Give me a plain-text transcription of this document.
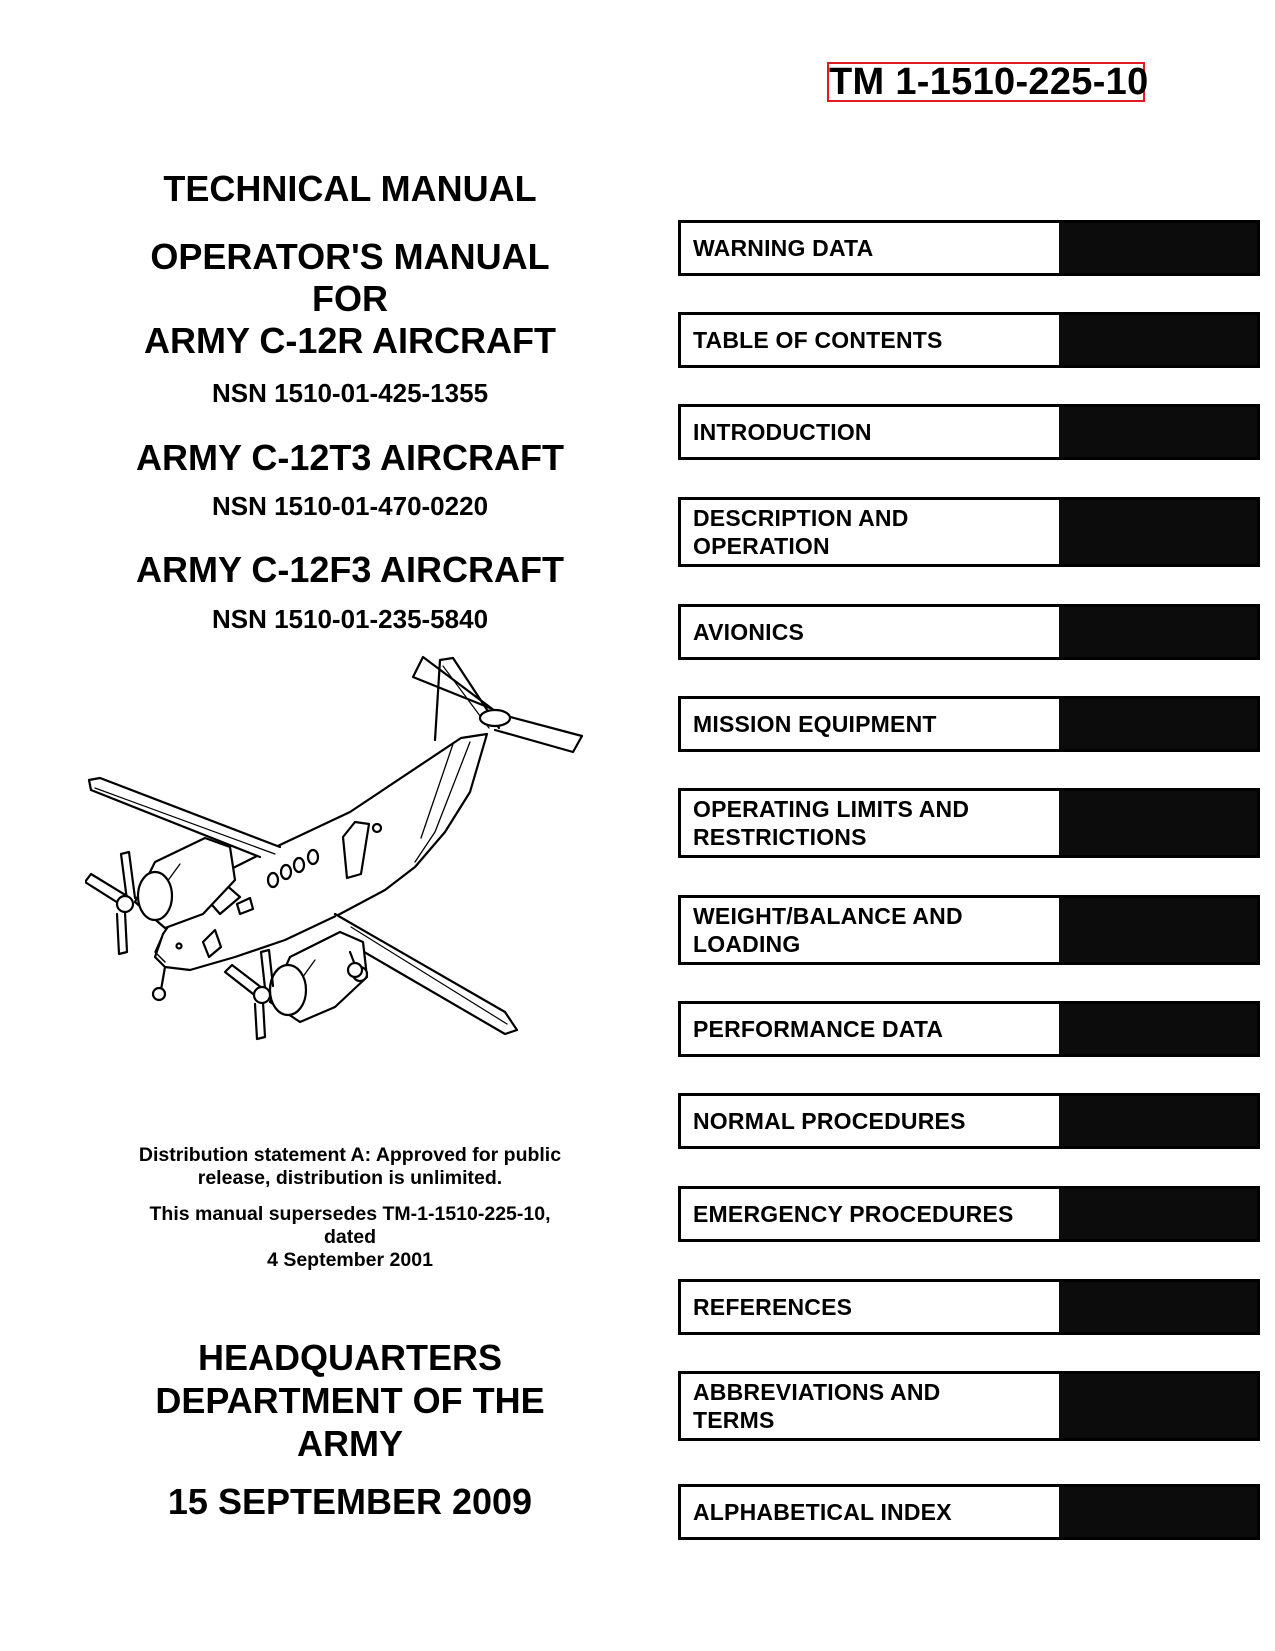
TM 1-1510-225-10
TECHNICAL MANUAL
OPERATOR'S MANUAL
FOR
ARMY C-12R AIRCRAFT
NSN 1510-01-425-1355
ARMY C-12T3 AIRCRAFT
NSN 1510-01-470-0220
ARMY C-12F3 AIRCRAFT
NSN 1510-01-235-5840
Distribution statement A: Approved for public
release, distribution is unlimited.
This manual supersedes TM-1-1510-225-10,
dated
4 September 2001
HEADQUARTERS
DEPARTMENT OF THE
ARMY
15 SEPTEMBER 2009
WARNING DATA
TABLE OF CONTENTS
INTRODUCTION
DESCRIPTION AND
OPERATION
AVIONICS
MISSION EQUIPMENT
OPERATING LIMITS AND
RESTRICTIONS
WEIGHT/BALANCE AND
LOADING
PERFORMANCE DATA
NORMAL PROCEDURES
EMERGENCY PROCEDURES
REFERENCES
ABBREVIATIONS AND
TERMS
ALPHABETICAL INDEX
